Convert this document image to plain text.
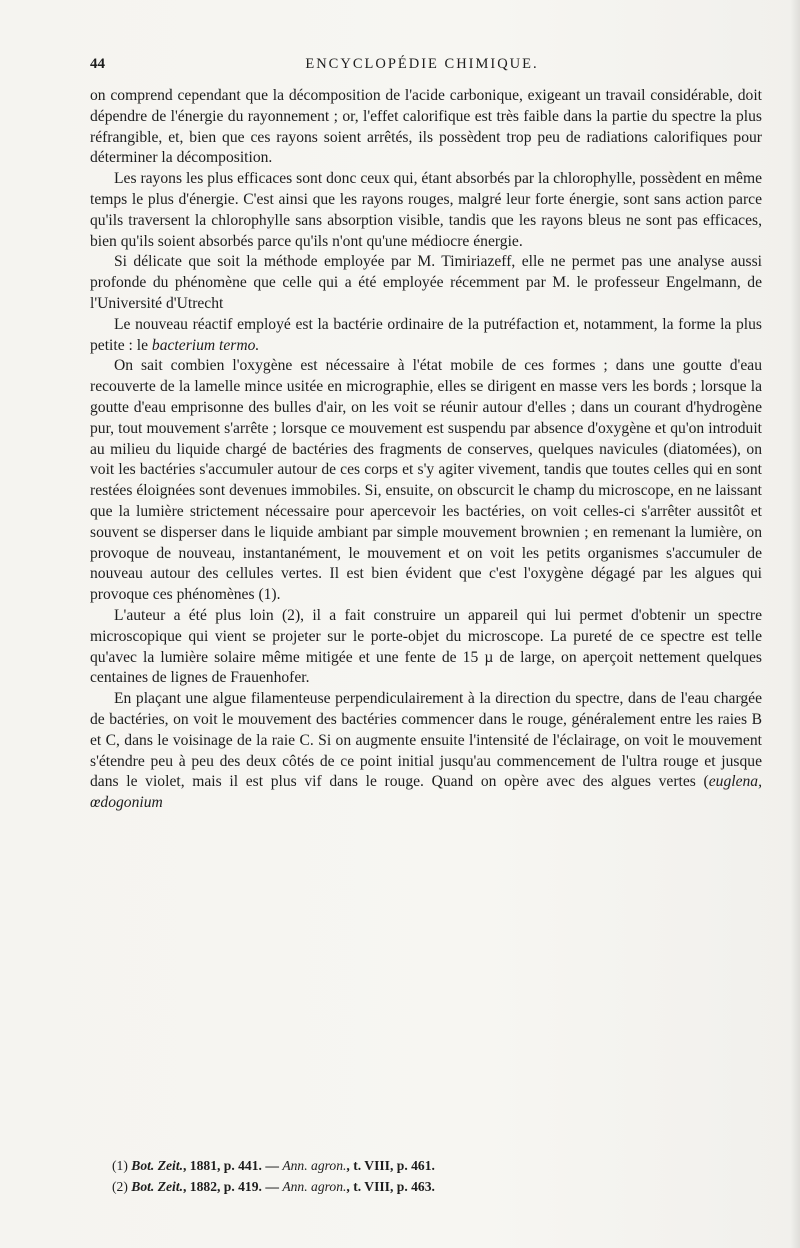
44	ENCYCLOPÉDIE CHIMIQUE.

on comprend cependant que la décomposition de l'acide carbonique, exigeant un travail considérable, doit dépendre de l'énergie du rayonnement ; or, l'effet calorifique est très faible dans la partie du spectre la plus réfrangible, et, bien que ces rayons soient arrêtés, ils possèdent trop peu de radiations calorifiques pour déterminer la décomposition.

Les rayons les plus efficaces sont donc ceux qui, étant absorbés par la chlorophylle, possèdent en même temps le plus d'énergie. C'est ainsi que les rayons rouges, malgré leur forte énergie, sont sans action parce qu'ils traversent la chlorophylle sans absorption visible, tandis que les rayons bleus ne sont pas efficaces, bien qu'ils soient absorbés parce qu'ils n'ont qu'une médiocre énergie.

Si délicate que soit la méthode employée par M. Timiriazeff, elle ne permet pas une analyse aussi profonde du phénomène que celle qui a été employée récemment par M. le professeur Engelmann, de l'Université d'Utrecht

Le nouveau réactif employé est la bactérie ordinaire de la putréfaction et, notamment, la forme la plus petite : le bacterium termo.

On sait combien l'oxygène est nécessaire à l'état mobile de ces formes ; dans une goutte d'eau recouverte de la lamelle mince usitée en micrographie, elles se dirigent en masse vers les bords ; lorsque la goutte d'eau emprisonne des bulles d'air, on les voit se réunir autour d'elles ; dans un courant d'hydrogène pur, tout mouvement s'arrête ; lorsque ce mouvement est suspendu par absence d'oxygène et qu'on introduit au milieu du liquide chargé de bactéries des fragments de conserves, quelques navicules (diatomées), on voit les bactéries s'accumuler autour de ces corps et s'y agiter vivement, tandis que toutes celles qui en sont restées éloignées sont devenues immobiles. Si, ensuite, on obscurcit le champ du microscope, en ne laissant que la lumière strictement nécessaire pour apercevoir les bactéries, on voit celles-ci s'arrêter aussitôt et souvent se disperser dans le liquide ambiant par simple mouvement brownien ; en remenant la lumière, on provoque de nouveau, instantanément, le mouvement et on voit les petits organismes s'accumuler de nouveau autour des cellules vertes. Il est bien évident que c'est l'oxygène dégagé par les algues qui provoque ces phénomènes (1).

L'auteur a été plus loin (2), il a fait construire un appareil qui lui permet d'obtenir un spectre microscopique qui vient se projeter sur le porte-objet du microscope. La pureté de ce spectre est telle qu'avec la lumière solaire même mitigée et une fente de 15 µ de large, on aperçoit nettement quelques centaines de lignes de Frauenhofer.

En plaçant une algue filamenteuse perpendiculairement à la direction du spectre, dans de l'eau chargée de bactéries, on voit le mouvement des bactéries commencer dans le rouge, généralement entre les raies B et C, dans le voisinage de la raie C. Si on augmente ensuite l'intensité de l'éclairage, on voit le mouvement s'étendre peu à peu des deux côtés de ce point initial jusqu'au commencement de l'ultra rouge et jusque dans le violet, mais il est plus vif dans le rouge. Quand on opère avec des algues vertes (euglena, œdogonium

(1) Bot. Zeit., 1881, p. 441. — Ann. agron., t. VIII, p. 461.
(2) Bot. Zeit., 1882, p. 419. — Ann. agron., t. VIII, p. 463.
